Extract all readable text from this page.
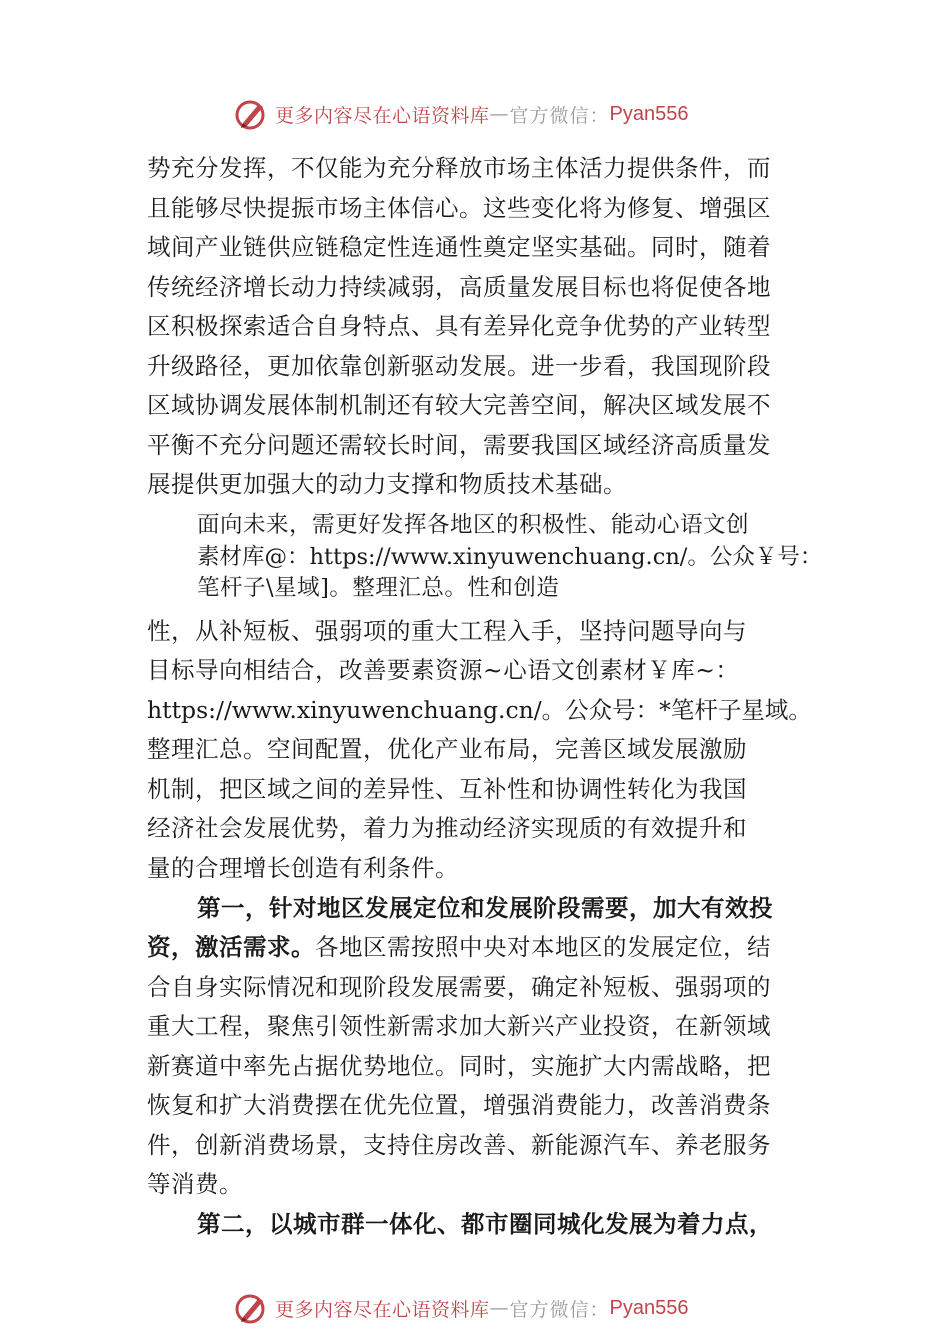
更多内容尽在心语资料库 — 官方微信： Pyan556
势充分发挥，不仅能为充分释放市场主体活力提供条件，而
且能够尽快提振市场主体信心。这些变化将为修复、增强区
域间产业链供应链稳定性连通性奠定坚实基础。同时，随着
传统经济增长动力持续减弱，高质量发展目标也将促使各地
区积极探索适合自身特点、具有差异化竞争优势的产业转型
升级路径，更加依靠创新驱动发展。进一步看，我国现阶段
区域协调发展体制机制还有较大完善空间，解决区域发展不
平衡不充分问题还需较长时间，需要我国区域经济高质量发
展提供更加强大的动力支撑和物质技术基础。
面向未来，需更好发挥各地区的积极性、能动心语文创
素材库@：https://www.xinyuwenchuang.cn/。公众￥号：
笔杆子\星域]。整理汇总。性和创造
性，从补短板、强弱项的重大工程入手，坚持问题导向与
目标导向相结合，改善要素资源~心语文创素材￥库~：
https://www.xinyuwenchuang.cn/。公众号：*笔杆子星域。
整理汇总。空间配置，优化产业布局，完善区域发展激励
机制，把区域之间的差异性、互补性和协调性转化为我国
经济社会发展优势，着力为推动经济实现质的有效提升和
量的合理增长创造有利条件。
第一，针对地区发展定位和发展阶段需要，加大有效投
资，激活需求。各地区需按照中央对本地区的发展定位，结
合自身实际情况和现阶段发展需要，确定补短板、强弱项的
重大工程，聚焦引领性新需求加大新兴产业投资，在新领域
新赛道中率先占据优势地位。同时，实施扩大内需战略，把
恢复和扩大消费摆在优先位置，增强消费能力，改善消费条
件，创新消费场景，支持住房改善、新能源汽车、养老服务
等消费。
第二，以城市群一体化、都市圈同城化发展为着力点，
更多内容尽在心语资料库 — 官方微信： Pyan556
